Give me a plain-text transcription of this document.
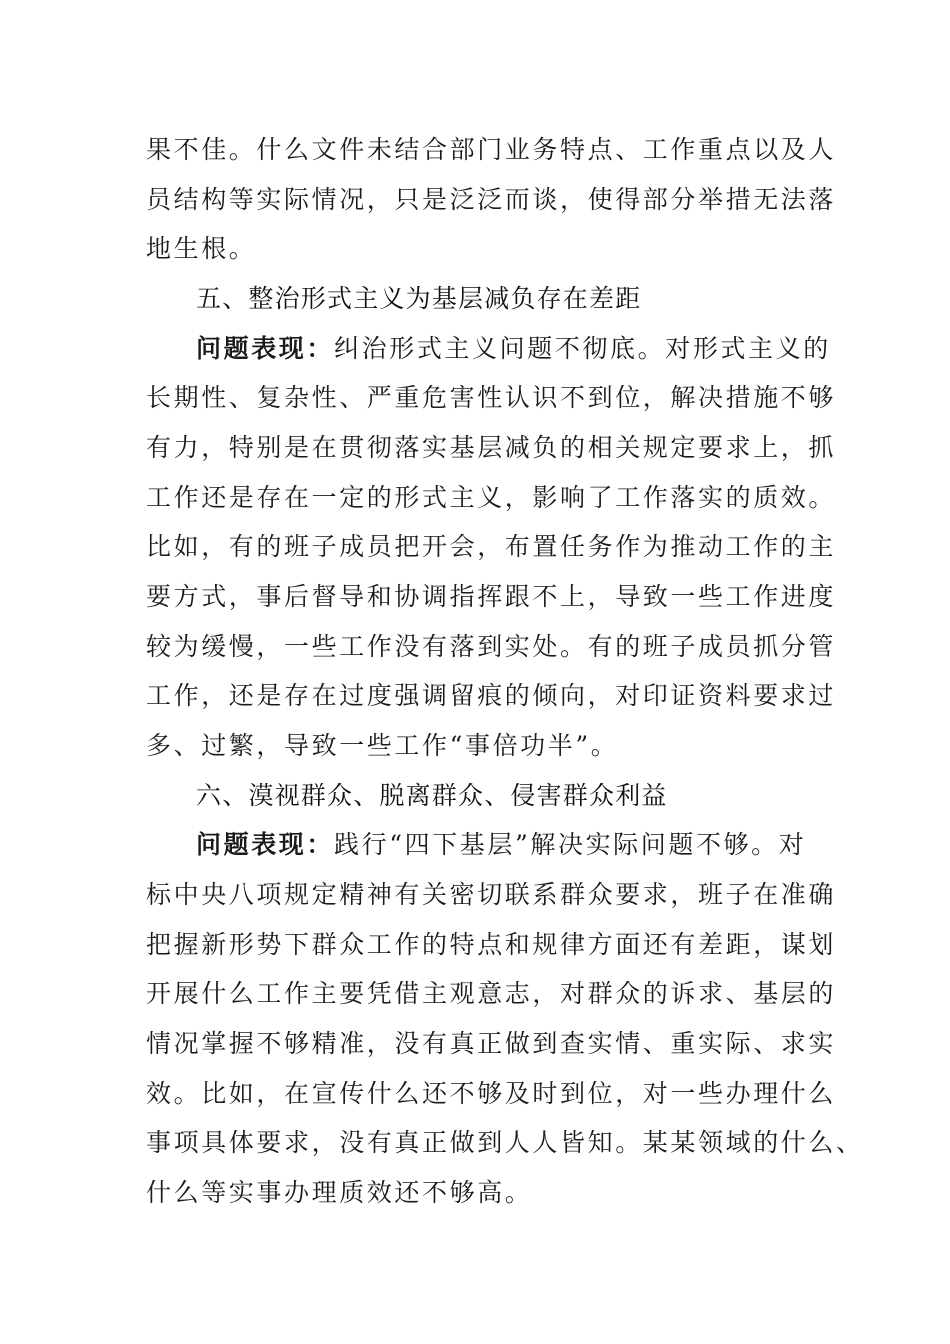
果不佳。什么文件未结合部门业务特点、工作重点以及人

员结构等实际情况，只是泛泛而谈，使得部分举措无法落

地生根。

五、整治形式主义为基层减负存在差距

问题表现：纠治形式主义问题不彻底。对形式主义的

长期性、复杂性、严重危害性认识不到位，解决措施不够

有力，特别是在贯彻落实基层减负的相关规定要求上，抓

工作还是存在一定的形式主义，影响了工作落实的质效。

比如，有的班子成员把开会，布置任务作为推动工作的主

要方式，事后督导和协调指挥跟不上，导致一些工作进度

较为缓慢，一些工作没有落到实处。有的班子成员抓分管

工作，还是存在过度强调留痕的倾向，对印证资料要求过

多、过繁，导致一些工作“事倍功半”。

六、漠视群众、脱离群众、侵害群众利益

问题表现：践行“四下基层”解决实际问题不够。对

标中央八项规定精神有关密切联系群众要求，班子在准确

把握新形势下群众工作的特点和规律方面还有差距，谋划

开展什么工作主要凭借主观意志，对群众的诉求、基层的

情况掌握不够精准，没有真正做到查实情、重实际、求实

效。比如，在宣传什么还不够及时到位，对一些办理什么

事项具体要求，没有真正做到人人皆知。某某领域的什么、

什么等实事办理质效还不够高。
